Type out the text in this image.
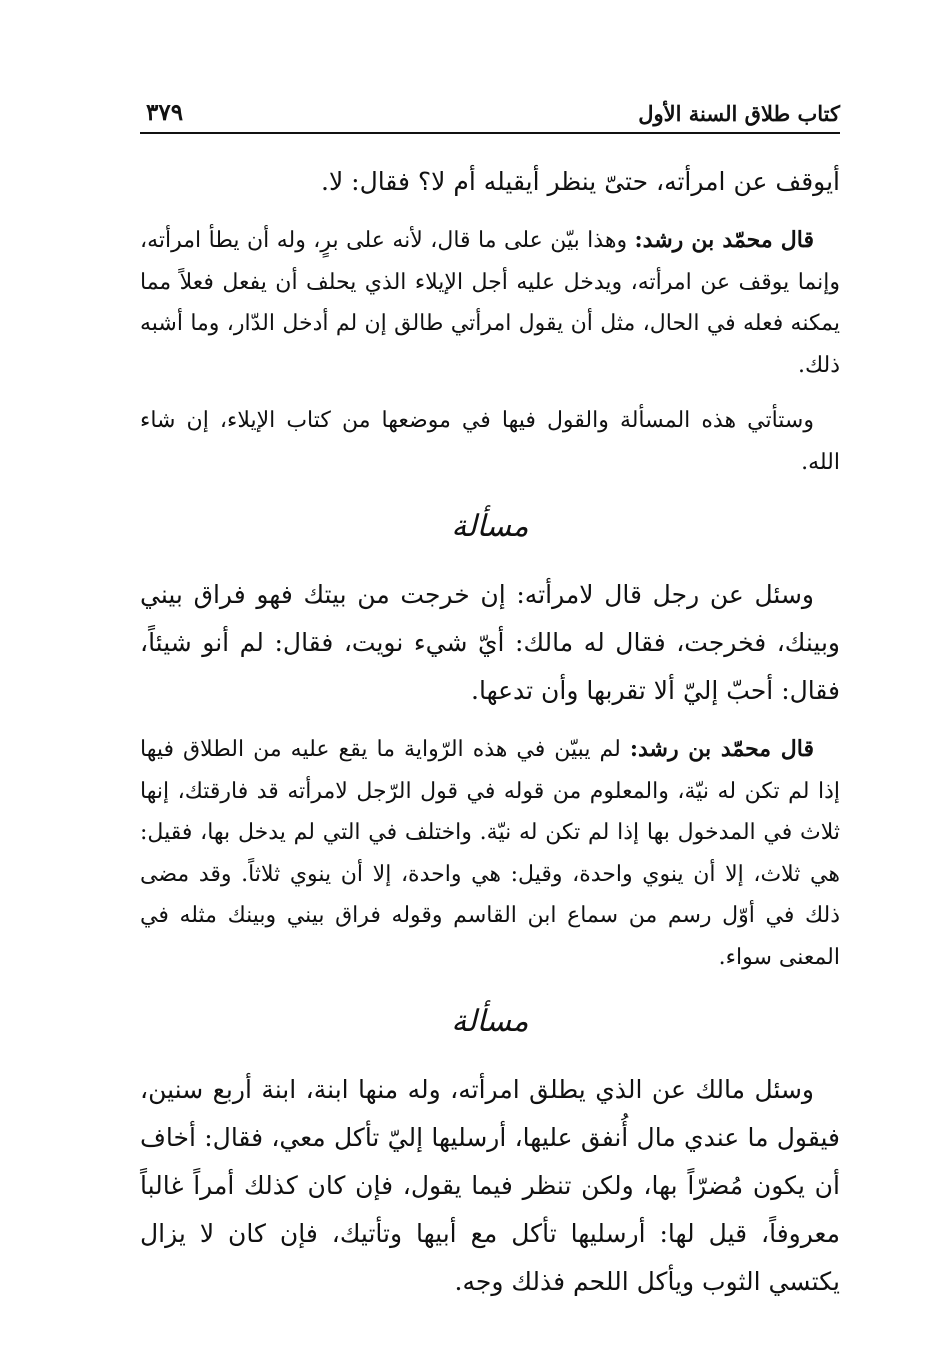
كتاب طلاق السنة الأول
٣٧٩

أيوقف عن امرأته، حتىّ ينظر أيقيله أم لا؟ فقال: لا.

قال محمّد بن رشد: وهذا بيّن على ما قال، لأنه على برٍ، وله أن يطأ امرأته، وإنما يوقف عن امرأته، ويدخل عليه أجل الإيلاء الذي يحلف أن يفعل فعلاً مما يمكنه فعله في الحال، مثل أن يقول امرأتي طالق إن لم أدخل الدّار، وما أشبه ذلك.

وستأتي هذه المسألة والقول فيها في موضعها من كتاب الإيلاء، إن شاء الله.

مسألة

وسئل عن رجل قال لامرأته: إن خرجت من بيتك فهو فراق بيني وبينك، فخرجت، فقال له مالك: أيّ شيء نويت، فقال: لم أنو شيئاً، فقال: أحبّ إليّ ألا تقربها وأن تدعها.

قال محمّد بن رشد: لم يبيّن في هذه الرّواية ما يقع عليه من الطلاق فيها إذا لم تكن له نيّة، والمعلوم من قوله في قول الرّجل لامرأته قد فارقتك، إنها ثلاث في المدخول بها إذا لم تكن له نيّة. واختلف في التي لم يدخل بها، فقيل: هي ثلاث، إلا أن ينوي واحدة، وقيل: هي واحدة، إلا أن ينوي ثلاثاً. وقد مضى ذلك في أوّل رسم من سماع ابن القاسم وقوله فراق بيني وبينك مثله في المعنى سواء.

مسألة

وسئل مالك عن الذي يطلق امرأته، وله منها ابنة، ابنة أربع سنين، فيقول ما عندي مال أُنفق عليها، أرسليها إليّ تأكل معي، فقال: أخاف أن يكون مُضرّاً بها، ولكن تنظر فيما يقول، فإن كان كذلك أمراً غالباً معروفاً، قيل لها: أرسليها تأكل مع أبيها وتأتيك، فإن كان لا يزال يكتسي الثوب ويأكل اللحم فذلك وجه.
